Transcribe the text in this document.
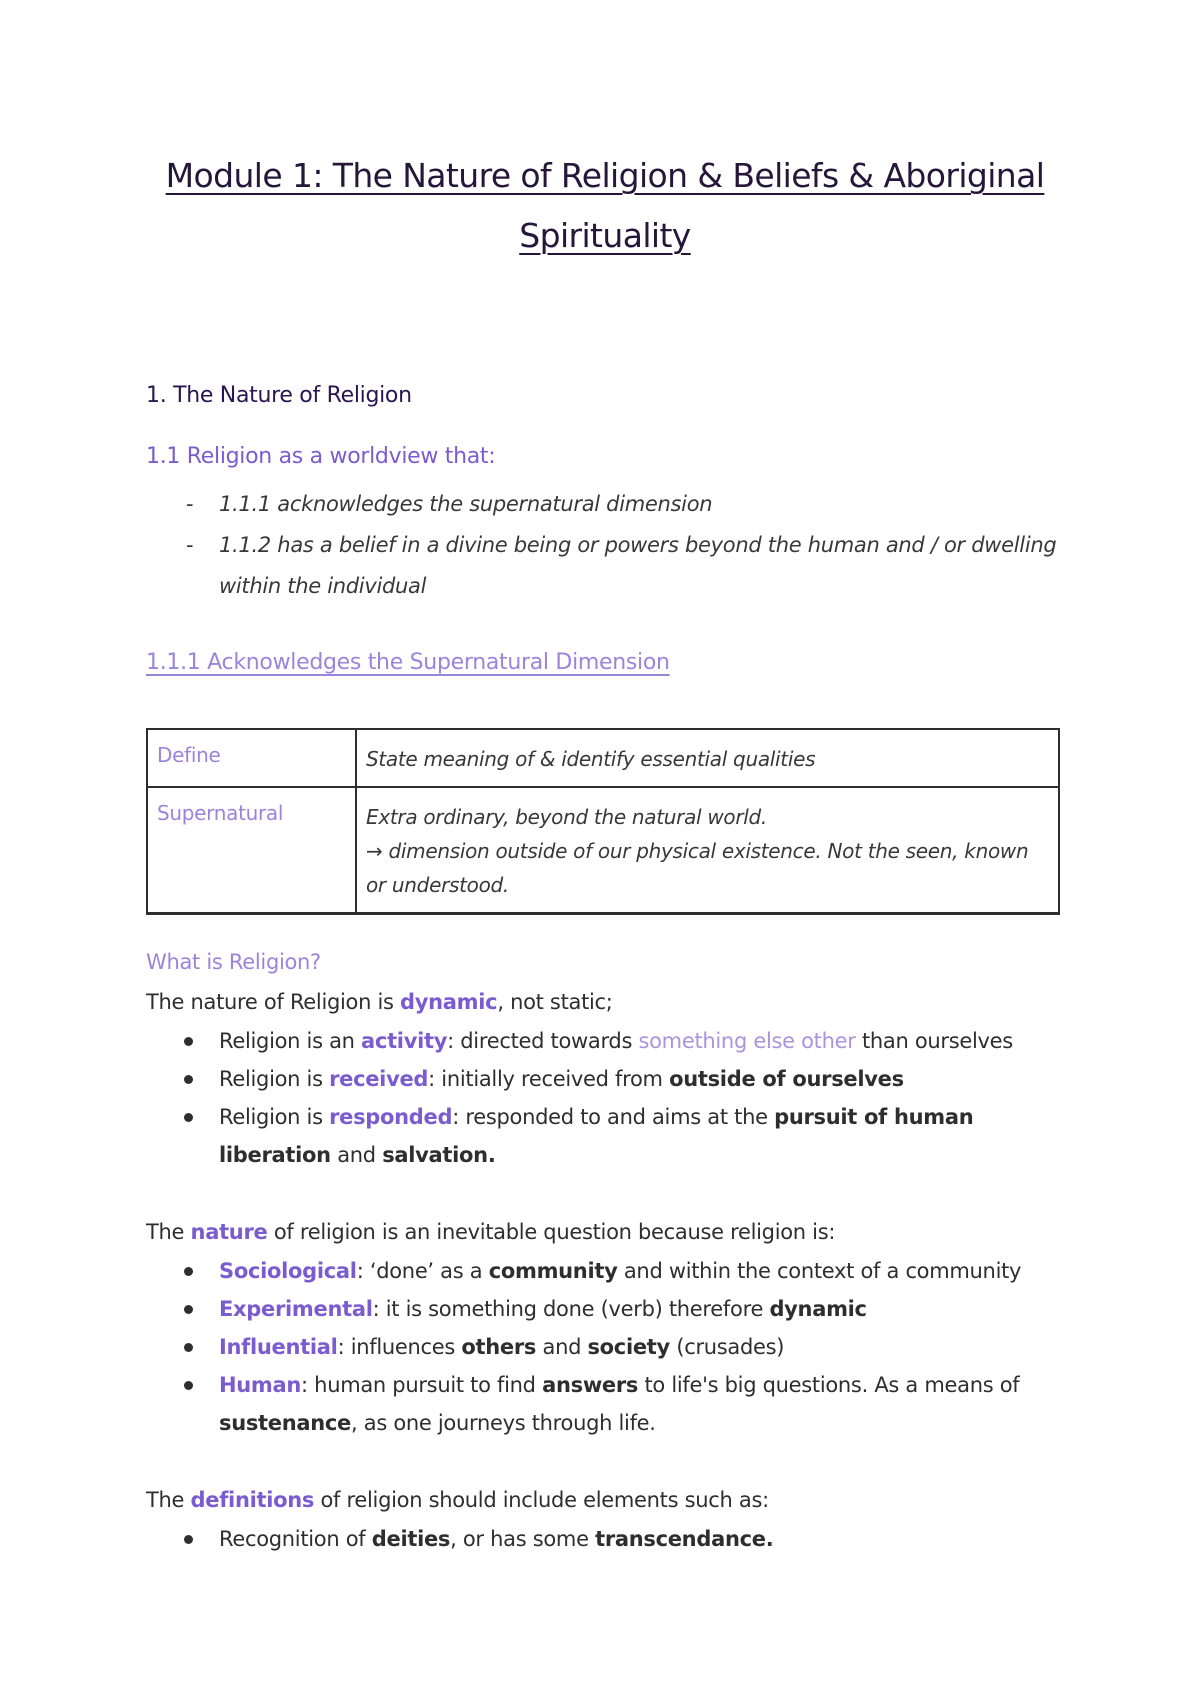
Module 1: The Nature of Religion & Beliefs & Aboriginal Spirituality
1. The Nature of Religion
1.1 Religion as a worldview that:
- 1.1.1 acknowledges the supernatural dimension
- 1.1.2 has a belief in a divine being or powers beyond the human and / or dwelling within the individual
1.1.1 Acknowledges the Supernatural Dimension
Define	State meaning of & identify essential qualities
Supernatural	Extra ordinary, beyond the natural world.
→ dimension outside of our physical existence. Not the seen, known or understood.
What is Religion?
The nature of Religion is dynamic, not static;
Religion is an activity: directed towards something else other than ourselves
Religion is received: initially received from outside of ourselves
Religion is responded: responded to and aims at the pursuit of human liberation and salvation.
The nature of religion is an inevitable question because religion is:
Sociological: ‘done’ as a community and within the context of a community
Experimental: it is something done (verb) therefore dynamic
Influential: influences others and society (crusades)
Human: human pursuit to find answers to life's big questions. As a means of sustenance, as one journeys through life.
The definitions of religion should include elements such as:
Recognition of deities, or has some transcendance.
